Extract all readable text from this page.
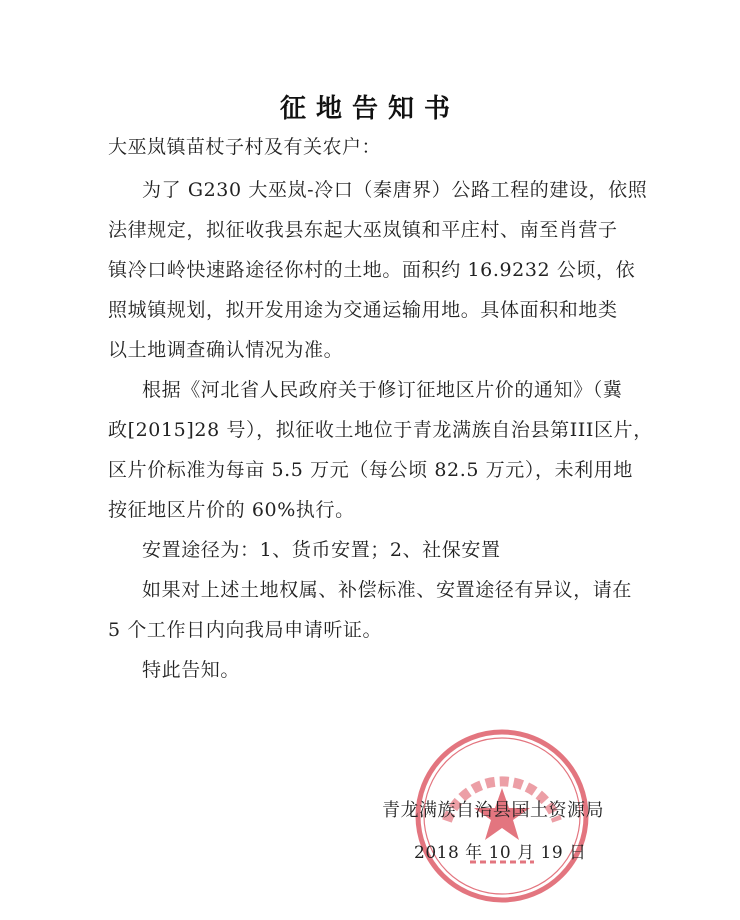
征地告知书
大巫岚镇苗杖子村及有关农户：
为了 G230 大巫岚-冷口（秦唐界）公路工程的建设，依照
法律规定，拟征收我县东起大巫岚镇和平庄村、南至肖营子
镇冷口岭快速路途径你村的土地。面积约 16.9232 公顷，依
照城镇规划，拟开发用途为交通运输用地。具体面积和地类
以土地调查确认情况为准。
根据《河北省人民政府关于修订征地区片价的通知》（冀
政[2015]28 号），拟征收土地位于青龙满族自治县第III区片，
区片价标准为每亩 5.5 万元（每公顷 82.5 万元），未利用地
按征地区片价的 60%执行。
安置途径为：1、货币安置；2、社保安置
如果对上述土地权属、补偿标准、安置途径有异议，请在
5 个工作日内向我局申请听证。
特此告知。
青龙满族自治县国土资源局
2018 年 10 月 19 日
